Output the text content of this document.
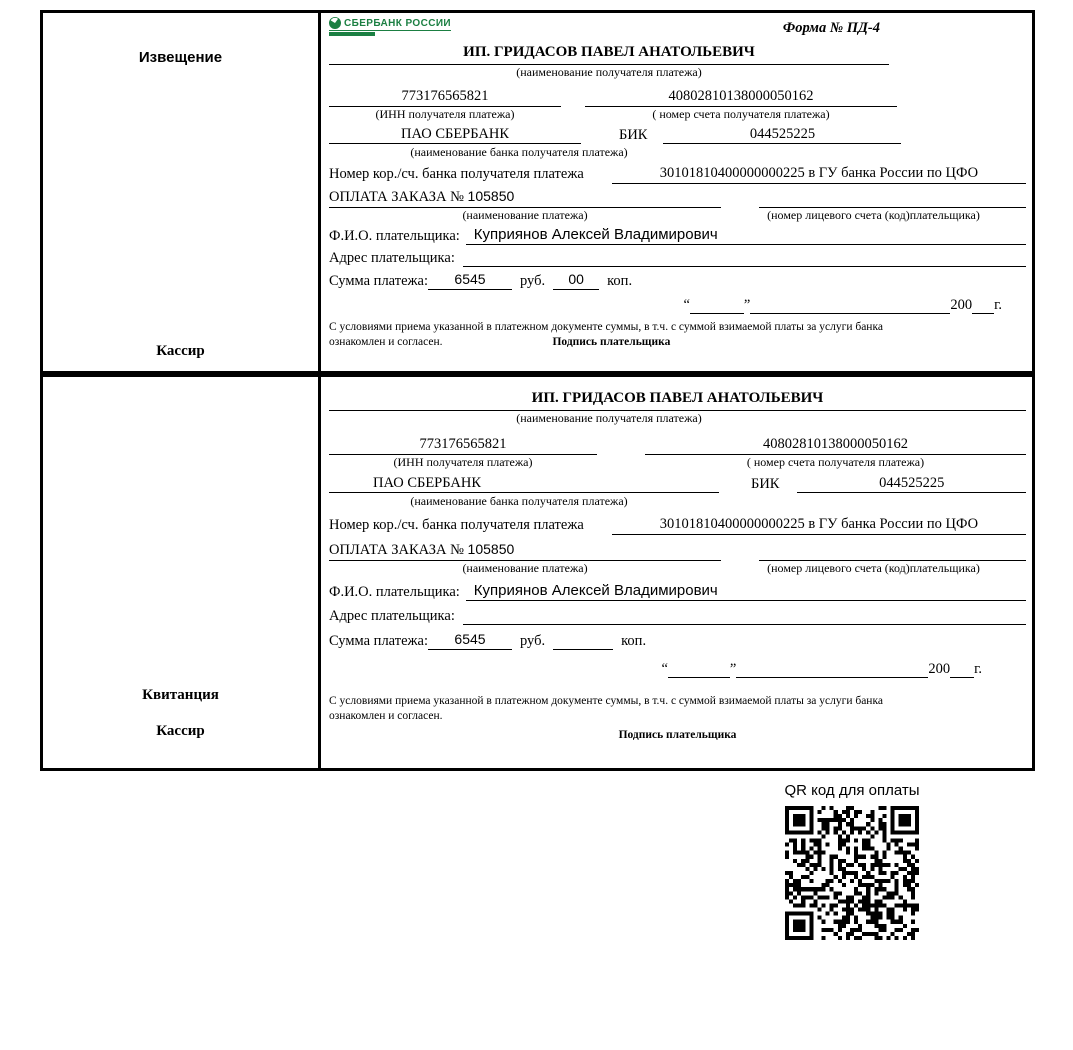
Извещение
Кассир
СБЕРБАНК РОССИИ	Форма № ПД-4
ИП. ГРИДАСОВ ПАВЕЛ АНАТОЛЬЕВИЧ
(наименование получателя платежа)
773176565821	40802810138000050162
(ИНН получателя платежа)	( номер счета получателя платежа)
ПАО СБЕРБАНК	БИК	044525225
(наименование банка получателя платежа)
Номер кор./сч. банка получателя платежа	30101810400000000225 в ГУ банка России по ЦФО
ОПЛАТА ЗАКАЗА № 105850
(наименование платежа)	(номер лицевого счета (код)плательщика)
Ф.И.О. плательщика: Куприянов Алексей Владимирович
Адрес плательщика:
Сумма платежа:	6545	руб.	00	коп.
“	”	200 г.
С условиями приема указанной в платежном документе суммы, в т.ч. с суммой взимаемой платы за услуги банка
ознакомлен и согласен.	Подпись плательщика
Квитанция
Кассир
ИП. ГРИДАСОВ ПАВЕЛ АНАТОЛЬЕВИЧ
(наименование получателя платежа)
773176565821	40802810138000050162
(ИНН получателя платежа)	( номер счета получателя платежа)
ПАО СБЕРБАНК	БИК	044525225
(наименование банка получателя платежа)
Номер кор./сч. банка получателя платежа	30101810400000000225 в ГУ банка России по ЦФО
ОПЛАТА ЗАКАЗА № 105850
(наименование платежа)	(номер лицевого счета (код)плательщика)
Ф.И.О. плательщика: Куприянов Алексей Владимирович
Адрес плательщика:
Сумма платежа:	6545	руб.	коп.
“	”	200 г.
С условиями приема указанной в платежном документе суммы, в т.ч. с суммой взимаемой платы за услуги банка
ознакомлен и согласен.
Подпись плательщика
QR код для оплаты
